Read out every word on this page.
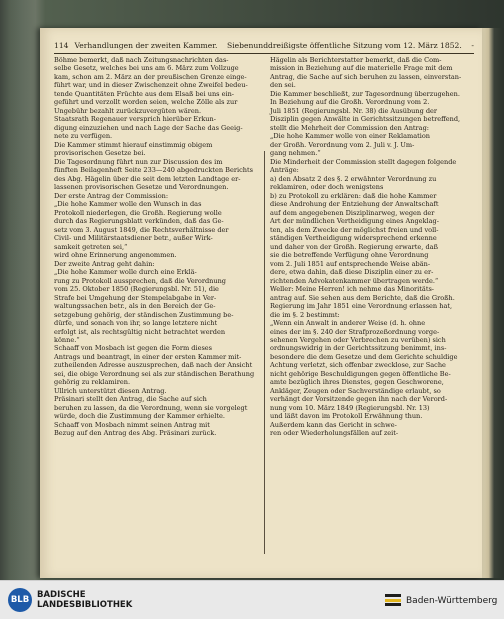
114 Verhandlungen der zweiten Kammer.	Siebenunddreißigste öffentliche Sitzung vom 12. März 1852.	-

Böhme bemerkt, daß nach Zeitungsnachrichten das-

selbe Gesetz, welches bei uns am 6. März zum Vollzuge

kam, schon am 2. März an der preußischen Grenze einge-

führt war, und in dieser Zwischenzeit ohne Zweifel bedeu-

tende Quantitäten Früchte aus dem Elsaß bei uns ein-

geführt und verzollt worden seien, welche Zölle als zur

Ungebühr bezahlt zurückzuvergüten wären.

Staatsrath Regenauer versprich hierüber Erkun-

digung einzuziehen und nach Lage der Sache das Geeig-

nete zu verfügen.

Die Kammer stimmt hierauf einstimmig obigem

provisorischen Gesetze bei.

Die Tagesordnung führt nun zur Discussion des im

fünften Beilagenheft Seite 233—240 abgedruckten Berichts

des Abg. Hägelin über die seit dem letzten Landtage er-

lassenen provisorischen Gesetze und Verordnungen.

Der erste Antrag der Commission:

„Die hohe Kammer wolle den Wunsch in das

Protokoll niederlegen, die Großh. Regierung wolle

durch das Regierungsblatt verkünden, daß das Ge-

setz vom 3. August 1849, die Rechtsverhältnisse der

Civil- und Militärstaatsdiener betr., außer Wirk-

samkeit getreten sei,“

wird ohne Erinnerung angenommen.

Der zweite Antrag geht dahin:

„Die hohe Kammer wolle durch eine Erklä-

rung zu Protokoll aussprechen, daß die Verordnung

vom 25. Oktober 1850 (Regierungsbl. Nr. 51), die

Strafe bei Umgehung der Stempelabgabe in Ver-

waltungssachen betr., als in den Bereich der Ge-

setzgebung gehörig, der ständischen Zustimmung be-

dürfe, und sonach von ihr, so lange letztere nicht

erfolgt ist, als rechtsgültig nicht betrachtet werden

könne.“

Schaaff von Mosbach ist gegen die Form dieses

Antrags und beantragt, in einer der ersten Kammer mit-

zutheilenden Adresse auszusprechen, daß nach der Ansicht

sei, die obige Verordnung sei als zur ständischen Berathung

gehörig zu reklamiren.

Ullrich unterstützt diesen Antrag.

Präsinari stellt den Antrag, die Sache auf sich

beruhen zu lassen, da die Verordnung, wenn sie vorgelegt

würde, doch die Zustimmung der Kammer erhielte.

Schaaff von Mosbach nimmt seinen Antrag mit

Bezug auf den Antrag des Abg. Präsinari zurück.

Hägelin als Berichterstatter bemerkt, daß die Com-

mission in Beziehung auf die materielle Frage mit dem

Antrag, die Sache auf sich beruhen zu lassen, einverstan-

den sei.

Die Kammer beschließt, zur Tagesordnung überzugehen.

In Beziehung auf die Großh. Verordnung vom 2.

Juli 1851 (Regierungsbl. Nr. 38) die Ausübung der

Disziplin gegen Anwälte in Gerichtssitzungen betreffend,

stellt die Mehrheit der Commission den Antrag:

„Die hohe Kammer wolle von einer Reklamation

der Großh. Verordnung vom 2. Juli v. J. Um-

gang nehmen.“

Die Minderheit der Commission stellt dagegen folgende

Anträge:

a) den Absatz 2 des §. 2 erwähnter Verordnung zu

reklamiren, oder doch wenigstens

b) zu Protokoll zu erklären: daß die hohe Kammer

diese Androhung der Entziehung der Anwaltschaft

auf dem angegebenen Disziplinarweg, wegen der

Art der mündlichen Vertheidigung eines Angeklag-

ten, als dem Zwecke der möglichst freien und voll-

ständigen Vertheidigung widersprechend erkenne

und daher von der Großh. Regierung erwarte, daß

sie die betreffende Verfügung ohne Verordnung

vom 2. Juli 1851 auf entsprechende Weise abän-

dere, etwa dahin, daß diese Disziplin einer zu er-

richtenden Advokatenkammer übertragen werde.“

Weller: Meine Herren! ich nehme das Minoritäts-

antrag auf. Sie sehen aus dem Berichte, daß die Großh.

Regierung im Jahr 1851 eine Verordnung erlassen hat,

die im §. 2 bestimmt:

„Wenn ein Anwalt in anderer Weise (d. h. ohne

eines der im §. 240 der Strafprozeßordnung vorge-

sehenen Vergehen oder Verbrechen zu verüben) sich

ordnungswidrig in der Gerichtssitzung benimmt, ins-

besondere die dem Gesetze und dem Gerichte schuldige

Achtung verletzt, sich offenbar zwecklose, zur Sache

nicht gehörige Beschuldigungen gegen öffentliche Be-

amte bezüglich ihres Dienstes, gegen Geschworene,

Ankläger, Zeugen oder Sachverständige erlaubt, so

verhängt der Vorsitzende gegen ihn nach der Verord-

nung vom 10. März 1849 (Regierungsbl. Nr. 13)

und läßt davon im Protokoll Erwähnung thun.

Außerdem kann das Gericht in schwe-

ren oder Wiederholungsfällen auf zeit-

BLB BADISCHE
LANDESBIBLIOTHEK	Baden-Württemberg
